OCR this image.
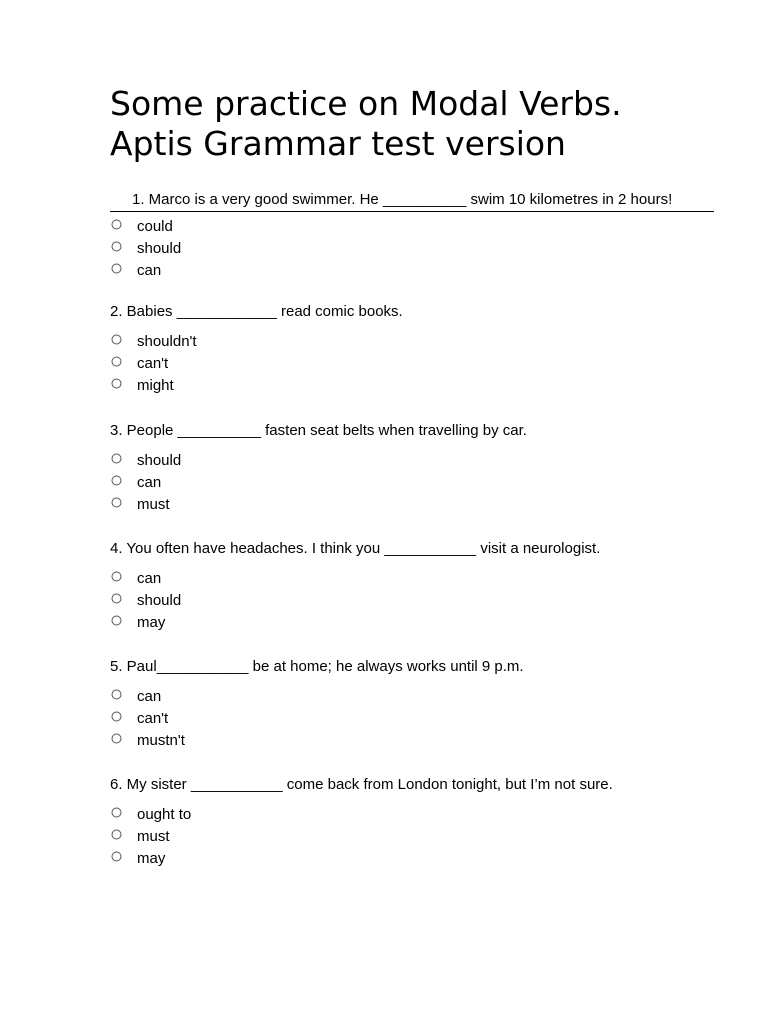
Some practice on Modal Verbs.
Aptis Grammar test version
1. Marco is a very good swimmer. He __________ swim 10 kilometres in 2 hours!
could
should
can
2. Babies ____________ read comic books.
shouldn't
can't
might
3. People __________ fasten seat belts when travelling by car.
should
can
must
4. You often have headaches. I think you ___________ visit a neurologist.
can
should
may
5. Paul___________ be at home; he always works until 9 p.m.
can
can't
mustn't
6. My sister ___________ come back from London tonight, but I’m not sure.
ought to
must
may
